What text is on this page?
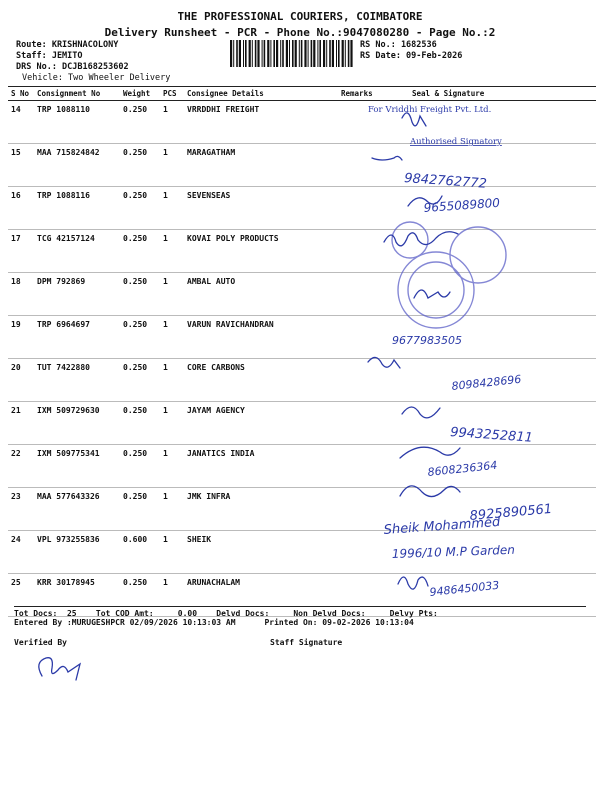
THE PROFESSIONAL COURIERS, COIMBATORE
Delivery Runsheet - PCR - Phone No.:9047080280 - Page No.:2
Route: KRISHNACOLONY
Staff: JEMITO
DRS No.: DCJB168253602
Vehicle: Two Wheeler Delivery
RS No.: 1682536
RS Date: 09-Feb-2026
S No	Consignment No	Weight	PCS	Consignee Details	Remarks	Seal & Signature
14	TRP 1088110	0.250	1	VRRDDHI FREIGHT		
15	MAA 715824842	0.250	1	MARAGATHAM		
16	TRP 1088116	0.250	1	SEVENSEAS		
17	TCG 42157124	0.250	1	KOVAI POLY PRODUCTS		
18	DPM 792869	0.250	1	AMBAL AUTO		
19	TRP 6964697	0.250	1	VARUN RAVICHANDRAN		
20	TUT 7422880	0.250	1	CORE CARBONS		
21	IXM 509729630	0.250	1	JAYAM AGENCY		
22	IXM 509775341	0.250	1	JANATICS INDIA		
23	MAA 577643326	0.250	1	JMK INFRA		
24	VPL 973255836	0.600	1	SHEIK		
25	KRR 30178945	0.250	1	ARUNACHALAM		
For Vriddhi Freight Pvt. Ltd.
Authorised Signatory
9842762772
9655089800
9677983505
8098428696
9943252811
8608236364
8925890561
Sheik Mohammed
1996/10 M.P Garden
9486450033
Tot Docs:  25    Tot COD Amt:     0.00    Delvd Docs:     Non Delvd Docs:     Delvy Pts:
Entered By :MURUGESHPCR 02/09/2026 10:13:03 AM      Printed On: 09-02-2026 10:13:04
Verified By	Staff Signature
